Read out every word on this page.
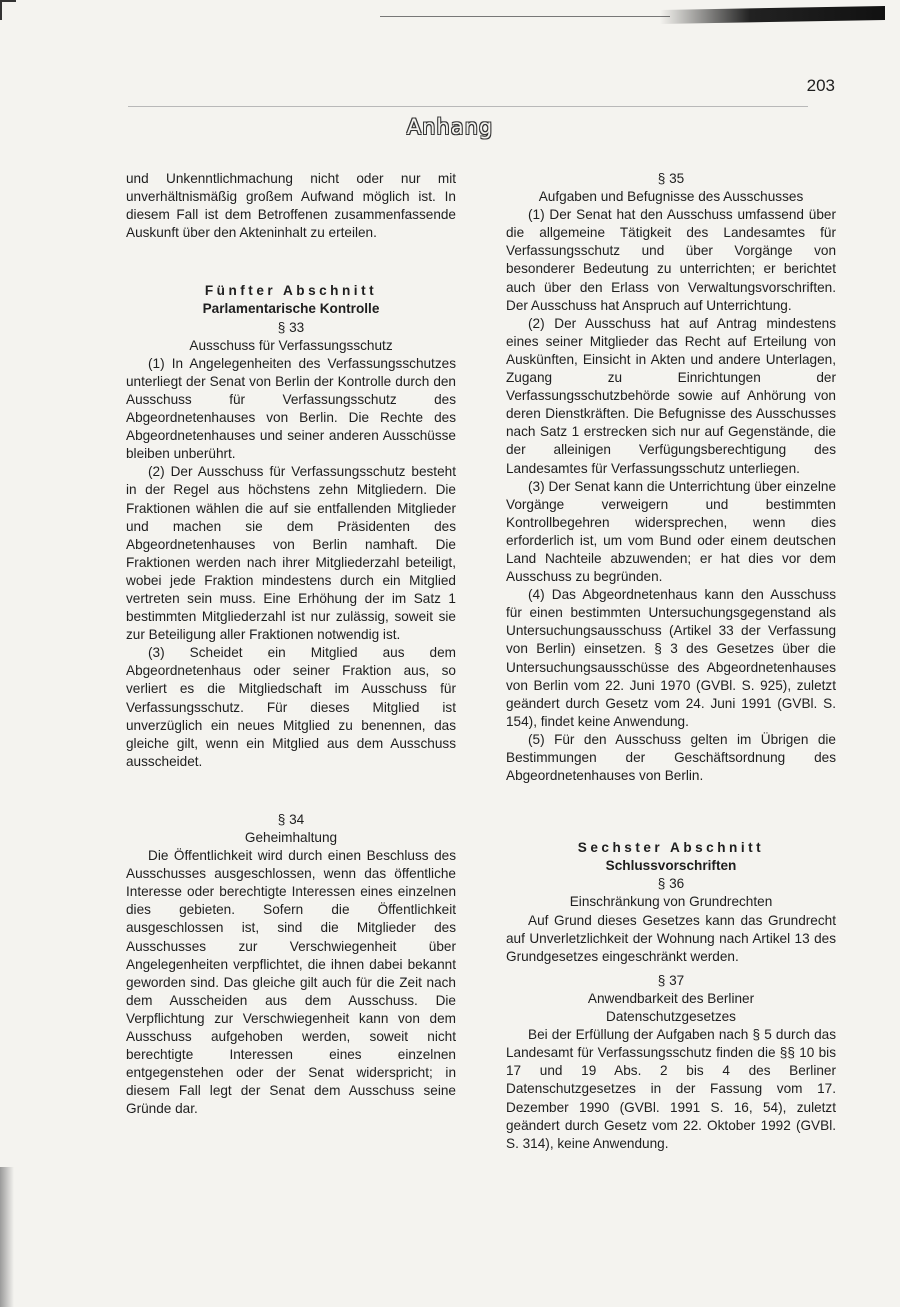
203
Anhang

und Unkenntlichmachung nicht oder nur mit unverhältnismäßig großem Aufwand möglich ist. In diesem Fall ist dem Betroffenen zusammenfassende Auskunft über den Akteninhalt zu erteilen.

Fünfter Abschnitt
Parlamentarische Kontrolle
§ 33
Ausschuss für Verfassungsschutz

(1) In Angelegenheiten des Verfassungsschutzes unterliegt der Senat von Berlin der Kontrolle durch den Ausschuss für Verfassungsschutz des Abgeordnetenhauses von Berlin. Die Rechte des Abgeordnetenhauses und seiner anderen Ausschüsse bleiben unberührt.

(2) Der Ausschuss für Verfassungsschutz besteht in der Regel aus höchstens zehn Mitgliedern. Die Fraktionen wählen die auf sie entfallenden Mitglieder und machen sie dem Präsidenten des Abgeordnetenhauses von Berlin namhaft. Die Fraktionen werden nach ihrer Mitgliederzahl beteiligt, wobei jede Fraktion mindestens durch ein Mitglied vertreten sein muss. Eine Erhöhung der im Satz 1 bestimmten Mitgliederzahl ist nur zulässig, soweit sie zur Beteiligung aller Fraktionen notwendig ist.

(3) Scheidet ein Mitglied aus dem Abgeordnetenhaus oder seiner Fraktion aus, so verliert es die Mitgliedschaft im Ausschuss für Verfassungsschutz. Für dieses Mitglied ist unverzüglich ein neues Mitglied zu benennen, das gleiche gilt, wenn ein Mitglied aus dem Ausschuss ausscheidet.

§ 34
Geheimhaltung

Die Öffentlichkeit wird durch einen Beschluss des Ausschusses ausgeschlossen, wenn das öffentliche Interesse oder berechtigte Interessen eines einzelnen dies gebieten. Sofern die Öffentlichkeit ausgeschlossen ist, sind die Mitglieder des Ausschusses zur Verschwiegenheit über Angelegenheiten verpflichtet, die ihnen dabei bekannt geworden sind. Das gleiche gilt auch für die Zeit nach dem Ausscheiden aus dem Ausschuss. Die Verpflichtung zur Verschwiegenheit kann von dem Ausschuss aufgehoben werden, soweit nicht berechtigte Interessen eines einzelnen entgegenstehen oder der Senat widerspricht; in diesem Fall legt der Senat dem Ausschuss seine Gründe dar.

§ 35
Aufgaben und Befugnisse des Ausschusses

(1) Der Senat hat den Ausschuss umfassend über die allgemeine Tätigkeit des Landesamtes für Verfassungsschutz und über Vorgänge von besonderer Bedeutung zu unterrichten; er berichtet auch über den Erlass von Verwaltungsvorschriften. Der Ausschuss hat Anspruch auf Unterrichtung.

(2) Der Ausschuss hat auf Antrag mindestens eines seiner Mitglieder das Recht auf Erteilung von Auskünften, Einsicht in Akten und andere Unterlagen, Zugang zu Einrichtungen der Verfassungsschutzbehörde sowie auf Anhörung von deren Dienstkräften. Die Befugnisse des Ausschusses nach Satz 1 erstrecken sich nur auf Gegenstände, die der alleinigen Verfügungsberechtigung des Landesamtes für Verfassungsschutz unterliegen.

(3) Der Senat kann die Unterrichtung über einzelne Vorgänge verweigern und bestimmten Kontrollbegehren widersprechen, wenn dies erforderlich ist, um vom Bund oder einem deutschen Land Nachteile abzuwenden; er hat dies vor dem Ausschuss zu begründen.

(4) Das Abgeordnetenhaus kann den Ausschuss für einen bestimmten Untersuchungsgegenstand als Untersuchungsausschuss (Artikel 33 der Verfassung von Berlin) einsetzen. § 3 des Gesetzes über die Untersuchungsausschüsse des Abgeordnetenhauses von Berlin vom 22. Juni 1970 (GVBl. S. 925), zuletzt geändert durch Gesetz vom 24. Juni 1991 (GVBl. S. 154), findet keine Anwendung.

(5) Für den Ausschuss gelten im Übrigen die Bestimmungen der Geschäftsordnung des Abgeordnetenhauses von Berlin.

Sechster Abschnitt
Schlussvorschriften
§ 36
Einschränkung von Grundrechten

Auf Grund dieses Gesetzes kann das Grundrecht auf Unverletzlichkeit der Wohnung nach Artikel 13 des Grundgesetzes eingeschränkt werden.

§ 37
Anwendbarkeit des Berliner
Datenschutzgesetzes

Bei der Erfüllung der Aufgaben nach § 5 durch das Landesamt für Verfassungsschutz finden die §§ 10 bis 17 und 19 Abs. 2 bis 4 des Berliner Datenschutzgesetzes in der Fassung vom 17. Dezember 1990 (GVBl. 1991 S. 16, 54), zuletzt geändert durch Gesetz vom 22. Oktober 1992 (GVBl. S. 314), keine Anwendung.
